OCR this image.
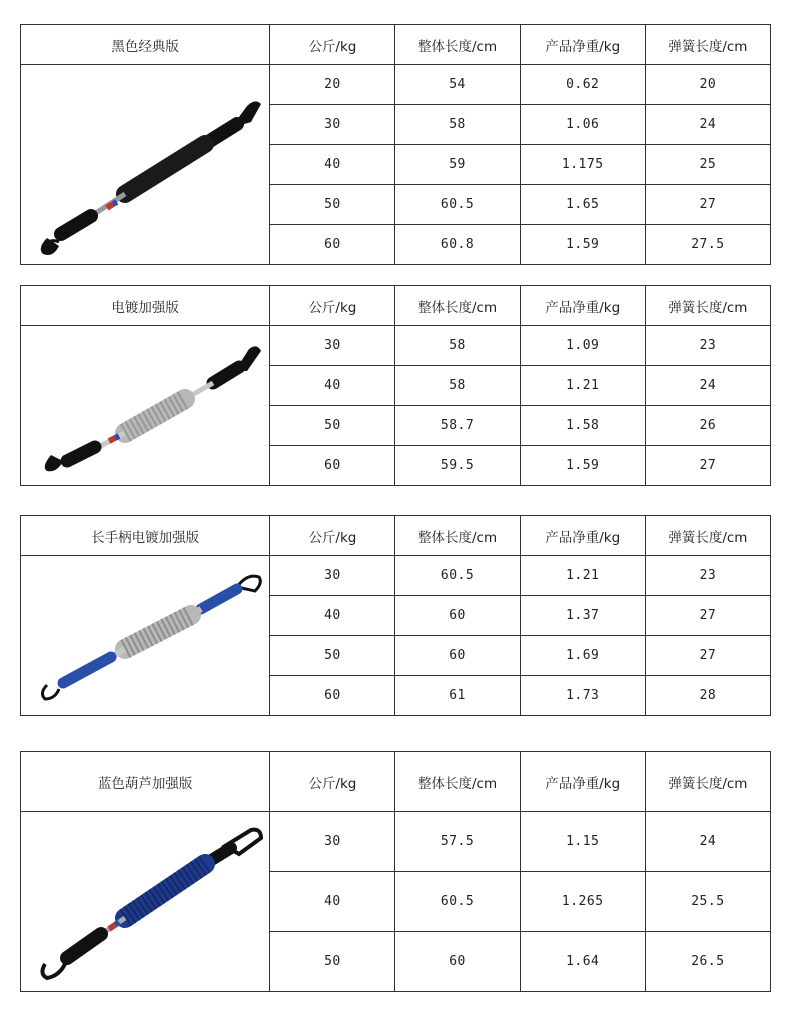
黑色经典版	公斤/kg	整体长度/cm	产品净重/kg	弹簧长度/cm

	20	54	0.62	20
	30	58	1.06	24
	40	59	1.175	25
	50	60.5	1.65	27
	60	60.8	1.59	27.5
电镀加强版	公斤/kg	整体长度/cm	产品净重/kg	弹簧长度/cm

	30	58	1.09	23
	40	58	1.21	24
	50	58.7	1.58	26
	60	59.5	1.59	27
长手柄电镀加强版	公斤/kg	整体长度/cm	产品净重/kg	弹簧长度/cm

	30	60.5	1.21	23
	40	60	1.37	27
	50	60	1.69	27
	60	61	1.73	28
蓝色葫芦加强版	公斤/kg	整体长度/cm	产品净重/kg	弹簧长度/cm

	30	57.5	1.15	24
	40	60.5	1.265	25.5
	50	60	1.64	26.5
